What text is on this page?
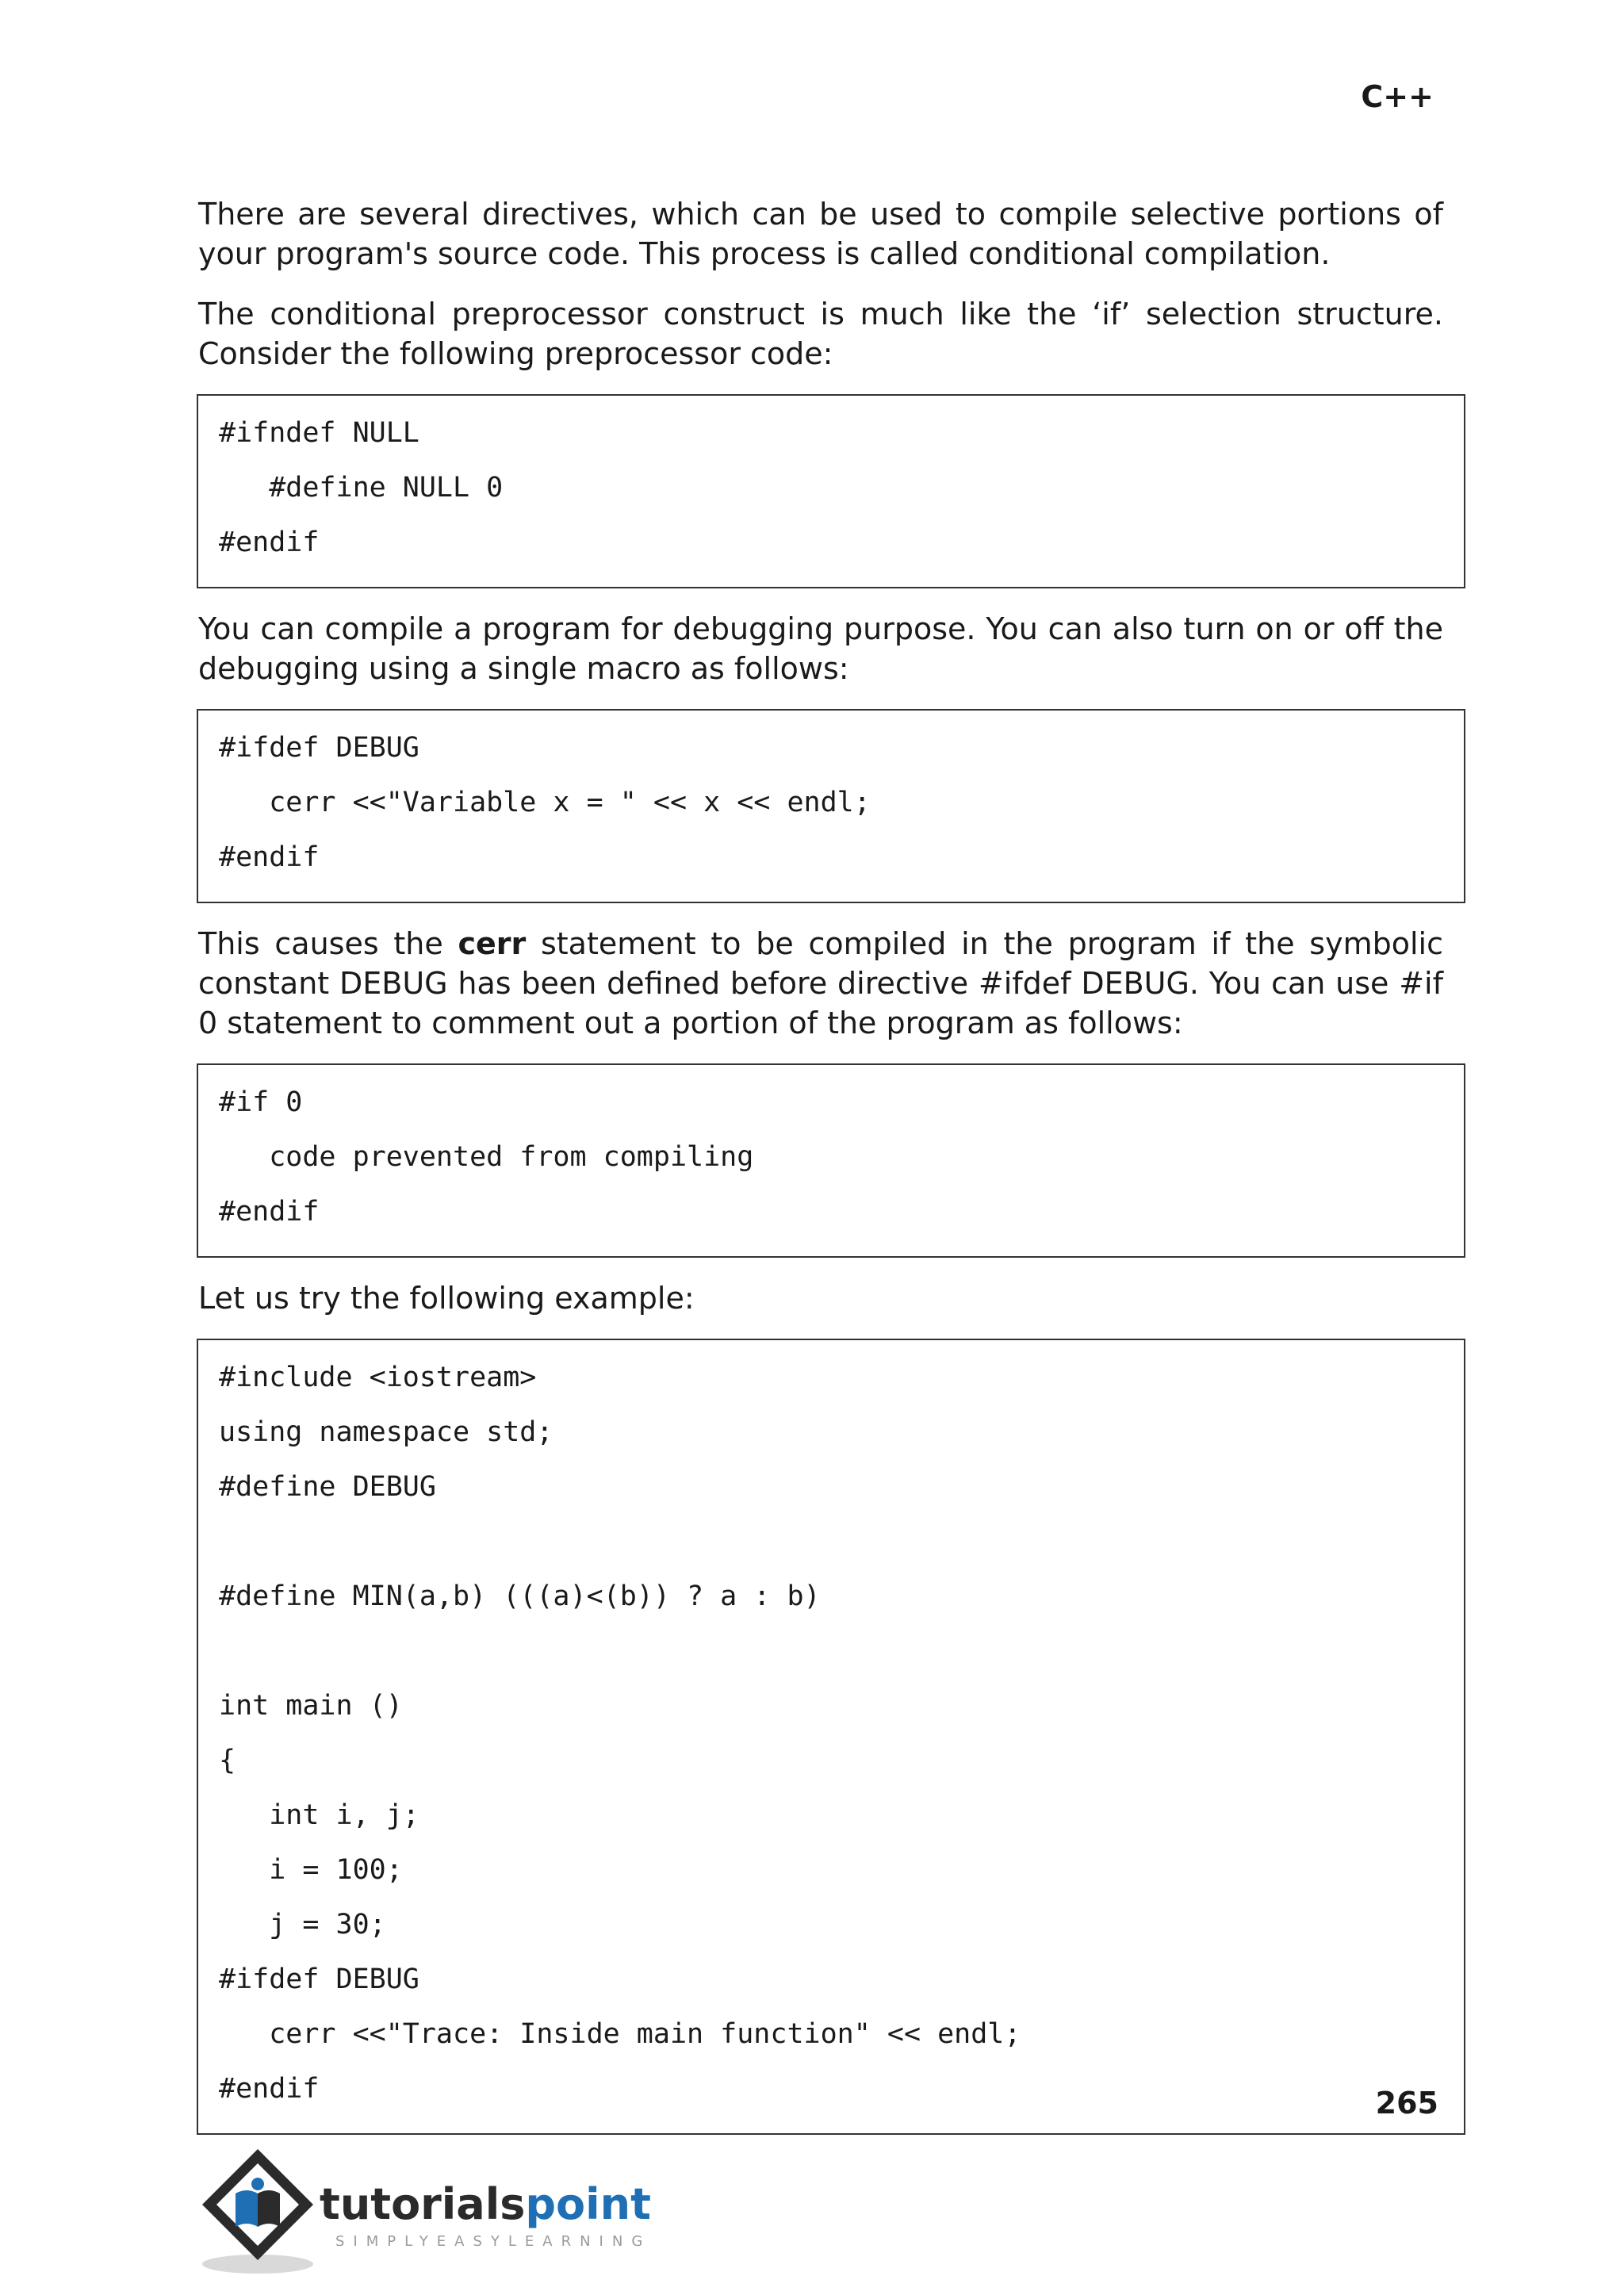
C++

There are several directives, which can be used to compile selective portions of your program's source code. This process is called conditional compilation.

The conditional preprocessor construct is much like the ‘if’ selection structure. Consider the following preprocessor code:

#ifndef NULL
#define NULL 0
#endif

You can compile a program for debugging purpose. You can also turn on or off the debugging using a single macro as follows:

#ifdef DEBUG
cerr <<"Variable x = " << x << endl;
#endif

This causes the cerr statement to be compiled in the program if the symbolic constant DEBUG has been defined before directive #ifdef DEBUG. You can use #if 0 statement to comment out a portion of the program as follows:

#if 0
code prevented from compiling
#endif

Let us try the following example:

#include <iostream>
using namespace std;
#define DEBUG
#define MIN(a,b) (((a)<(b)) ? a : b)
int main ()
{
int i, j;
i = 100;
j = 30;
#ifdef DEBUG
cerr <<"Trace: Inside main function" << endl;
#endif	265
tutorialspoint
SIMPLYEASYLEARNING
